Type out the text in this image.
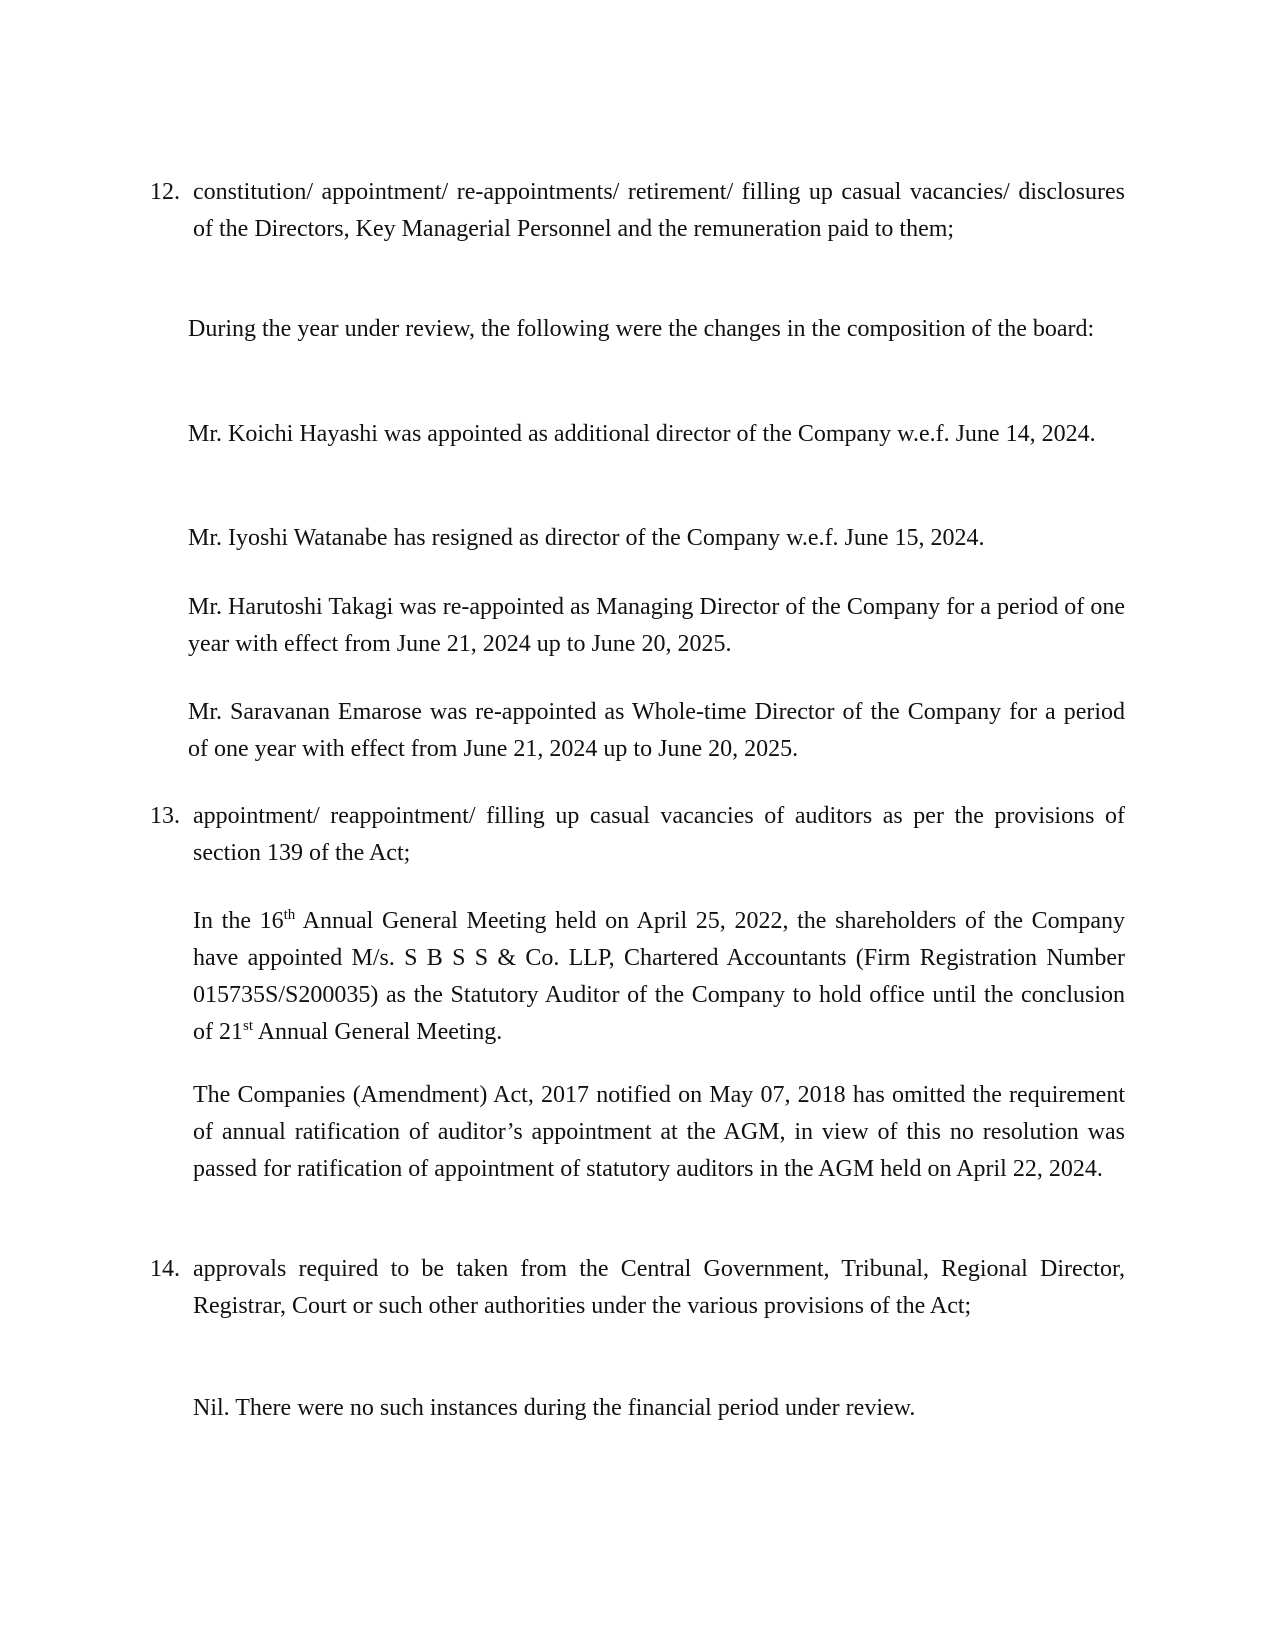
12. constitution/ appointment/ re-appointments/ retirement/ filling up casual vacancies/ disclosures of the Directors, Key Managerial Personnel and the remuneration paid to them;
During the year under review, the following were the changes in the composition of the board:
Mr. Koichi Hayashi was appointed as additional director of the Company w.e.f. June 14, 2024.
Mr. Iyoshi Watanabe has resigned as director of the Company w.e.f. June 15, 2024.
Mr. Harutoshi Takagi was re-appointed as Managing Director of the Company for a period of one year with effect from June 21, 2024 up to June 20, 2025.
Mr. Saravanan Emarose was re-appointed as Whole-time Director of the Company for a period of one year with effect from June 21, 2024 up to June 20, 2025.
13. appointment/ reappointment/ filling up casual vacancies of auditors as per the provisions of section 139 of the Act;
In the 16th Annual General Meeting held on April 25, 2022, the shareholders of the Company have appointed M/s. S B S S & Co. LLP, Chartered Accountants (Firm Registration Number 015735S/S200035) as the Statutory Auditor of the Company to hold office until the conclusion of 21st Annual General Meeting.
The Companies (Amendment) Act, 2017 notified on May 07, 2018 has omitted the requirement of annual ratification of auditor’s appointment at the AGM, in view of this no resolution was passed for ratification of appointment of statutory auditors in the AGM held on April 22, 2024.
14. approvals required to be taken from the Central Government, Tribunal, Regional Director, Registrar, Court or such other authorities under the various provisions of the Act;
Nil. There were no such instances during the financial period under review.
